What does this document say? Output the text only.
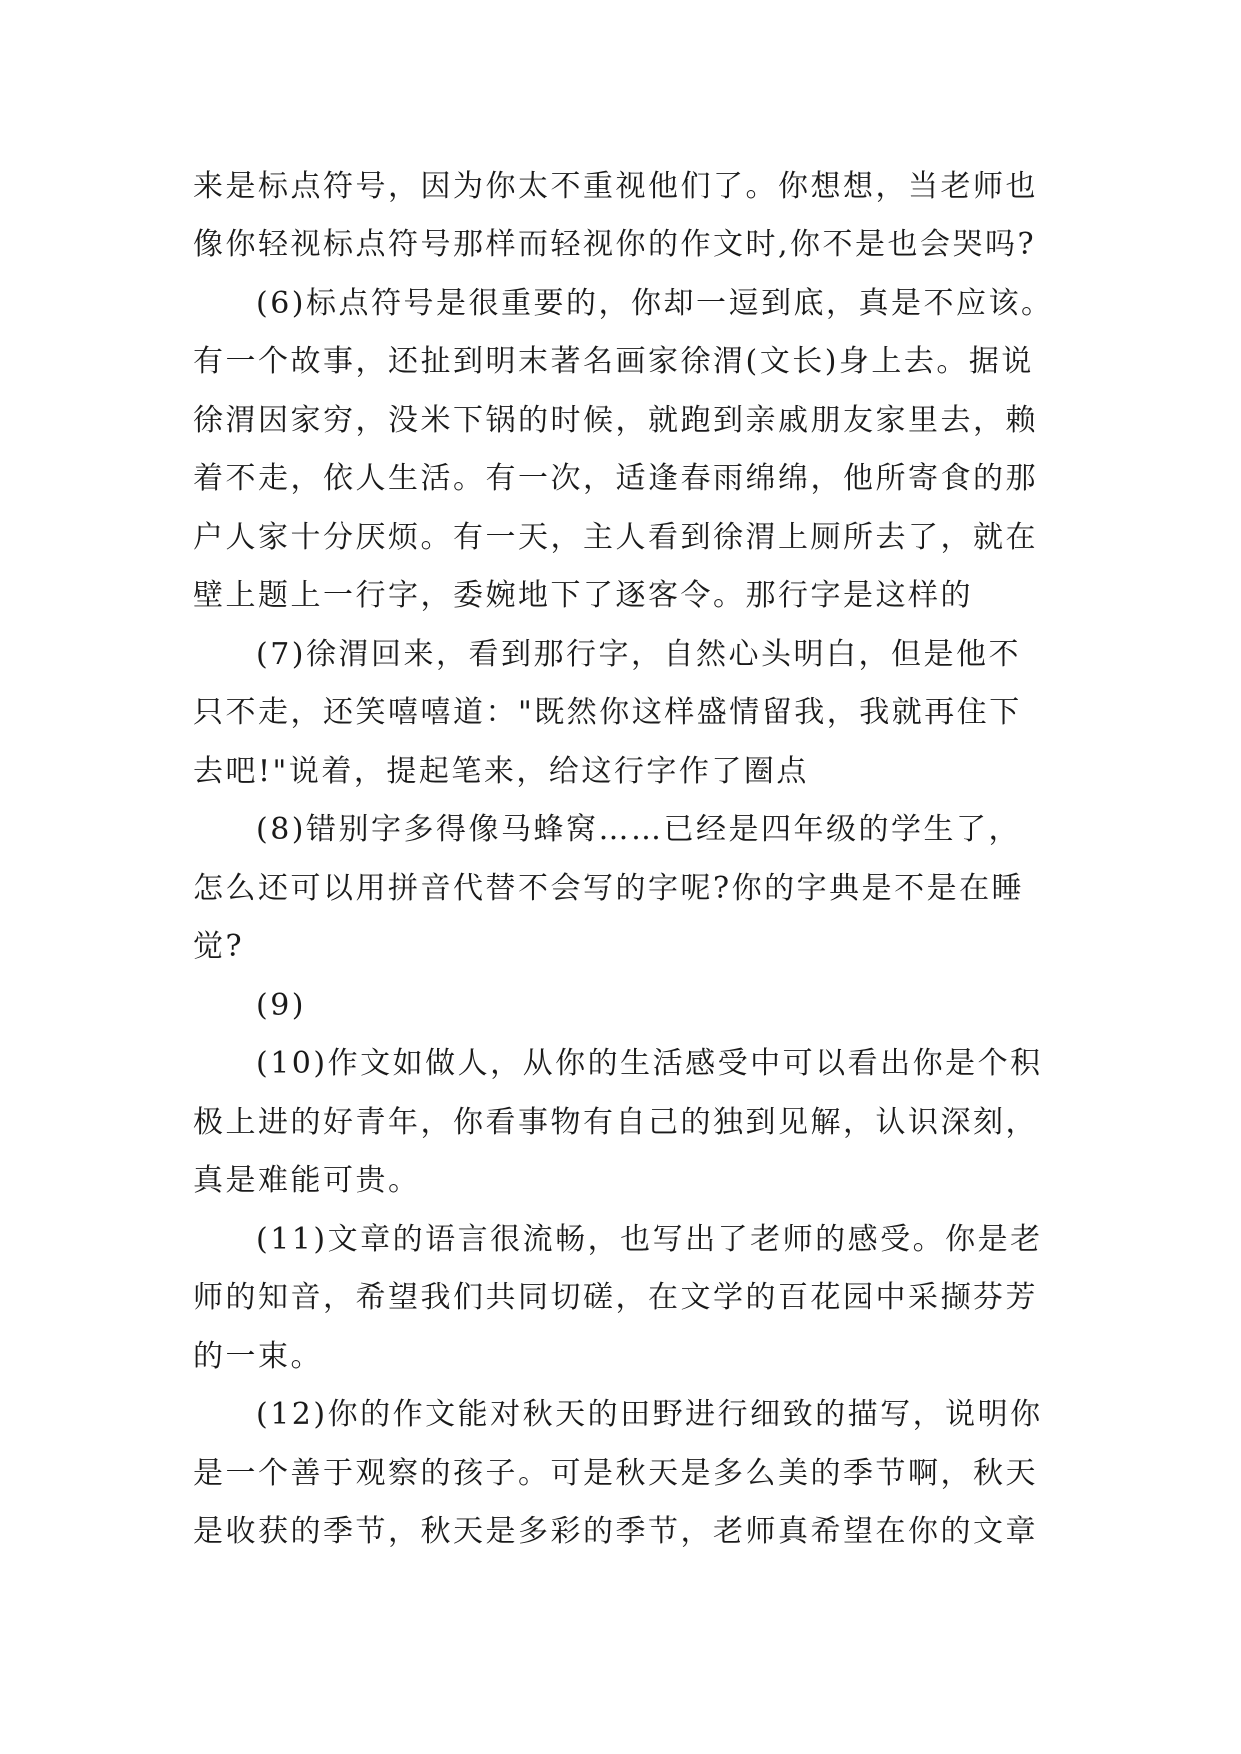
来是标点符号，因为你太不重视他们了。你想想，当老师也

像你轻视标点符号那样而轻视你的作文时,你不是也会哭吗?

(6)标点符号是很重要的，你却一逗到底，真是不应该。

有一个故事，还扯到明末著名画家徐渭(文长)身上去。据说

徐渭因家穷，没米下锅的时候，就跑到亲戚朋友家里去，赖

着不走，依人生活。有一次，适逢春雨绵绵，他所寄食的那

户人家十分厌烦。有一天，主人看到徐渭上厕所去了，就在

壁上题上一行字，委婉地下了逐客令。那行字是这样的

(7)徐渭回来，看到那行字，自然心头明白，但是他不

只不走，还笑嘻嘻道："既然你这样盛情留我，我就再住下

去吧!"说着，提起笔来，给这行字作了圈点

(8)错别字多得像马蜂窝……已经是四年级的学生了，

怎么还可以用拼音代替不会写的字呢?你的字典是不是在睡

觉?

(9)

(10)作文如做人，从你的生活感受中可以看出你是个积

极上进的好青年，你看事物有自己的独到见解，认识深刻，

真是难能可贵。

(11)文章的语言很流畅，也写出了老师的感受。你是老

师的知音，希望我们共同切磋，在文学的百花园中采撷芬芳

的一束。

(12)你的作文能对秋天的田野进行细致的描写，说明你

是一个善于观察的孩子。可是秋天是多么美的季节啊，秋天

是收获的季节，秋天是多彩的季节，老师真希望在你的文章
